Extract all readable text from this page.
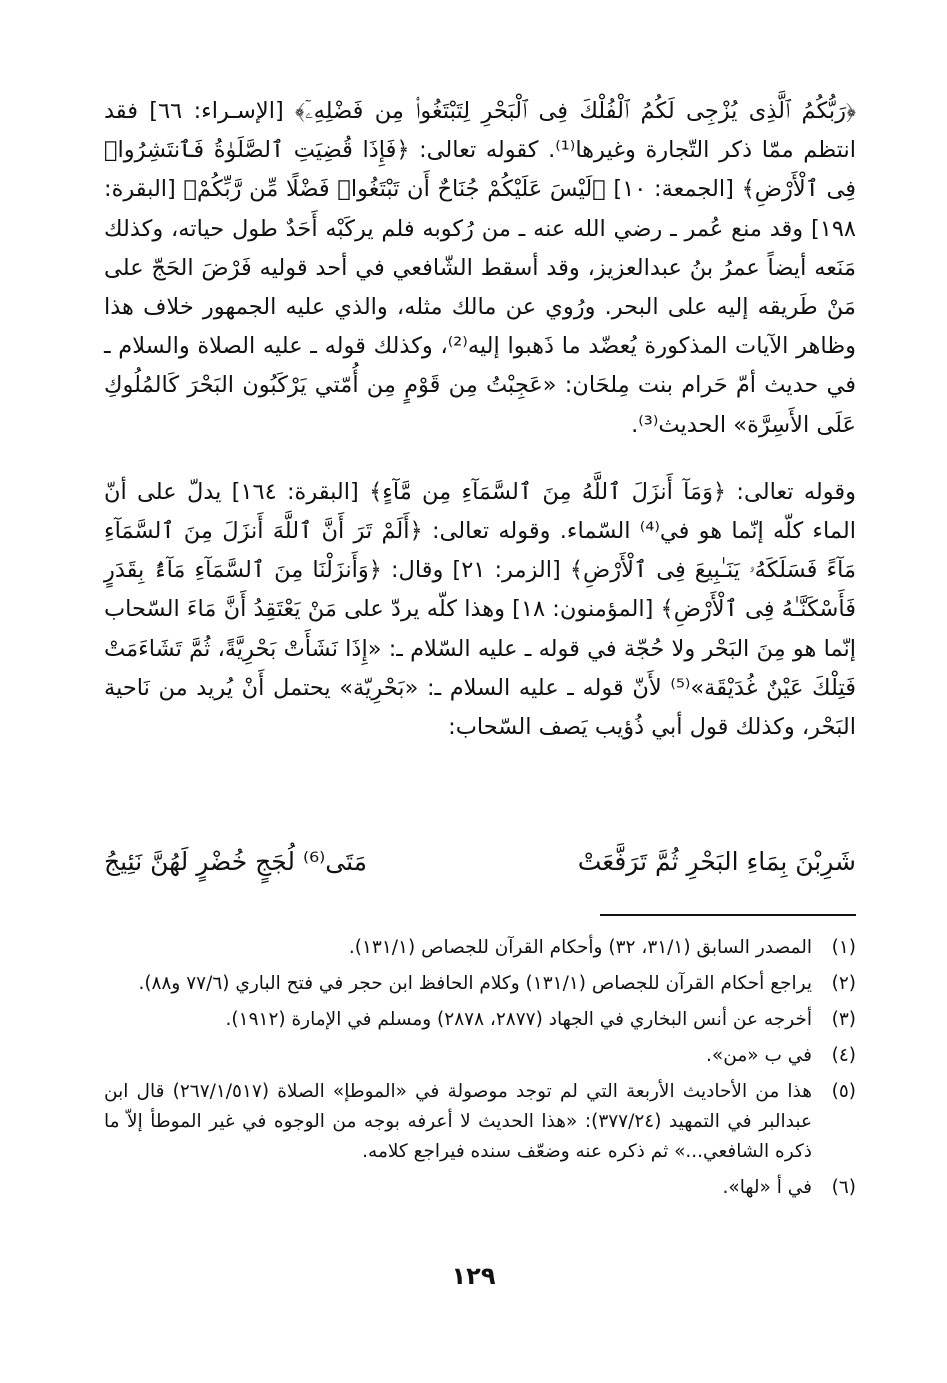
﴿رَبُّكُمُ ٱلَّذِى يُزْجِى لَكُمُ ٱلْفُلْكَ فِى ٱلْبَحْرِ لِتَبْتَغُوا۟ مِن فَضْلِهِۦٓ﴾ [الإسـراء: ٦٦] فقد انتظم ممّا ذكر التّجارة وغيرها⁽¹⁾. كقوله تعالى: ﴿فَإِذَا قُضِيَتِ ٱلصَّلَوٰةُ فَٱنتَشِرُوا۟ فِى ٱلْأَرْضِ﴾ [الجمعة: ١٠] ﴿لَيْسَ عَلَيْكُمْ جُنَاحٌ أَن تَبْتَغُوا۟ فَضْلًا مِّن رَّبِّكُمْ﴾ [البقرة: ١٩٨] وقد منع عُمر ـ رضي الله عنه ـ من رُكوبه فلم يركَبْه أَحَدٌ طول حياته، وكذلك مَنَعه أيضاً عمرُ بنُ عبدالعزيز، وقد أسقط الشّافعي في أحد قوليه فَرْضَ الحَجّ على مَنْ طَريقه إليه على البحر. ورُوي عن مالك مثله، والذي عليه الجمهور خلاف هذا وظاهر الآيات المذكورة يُعضّد ما ذَهبوا إليه⁽²⁾، وكذلك قوله ـ عليه الصلاة والسلام ـ في حديث أمّ حَرام بنت مِلحَان: «عَجِبْتُ مِن قَوْمٍ مِن أُمّتي يَرْكَبُون البَحْرَ كَالمُلُوكِ عَلَى الأَسِرَّة» الحديث⁽³⁾.

وقوله تعالى: ﴿وَمَآ أَنزَلَ ٱللَّهُ مِنَ ٱلسَّمَآءِ مِن مَّآءٍ﴾ [البقرة: ١٦٤] يدلّ على أنّ الماء كلّه إنّما هو في⁽⁴⁾ السّماء. وقوله تعالى: ﴿أَلَمْ تَرَ أَنَّ ٱللَّهَ أَنزَلَ مِنَ ٱلسَّمَآءِ مَآءً فَسَلَكَهُۥ يَنَـٰبِيعَ فِى ٱلْأَرْضِ﴾ [الزمر: ٢١] وقال: ﴿وَأَنزَلْنَا مِنَ ٱلسَّمَآءِ مَآءًۢ بِقَدَرٍ فَأَسْكَنَّـٰهُ فِى ٱلْأَرْضِ﴾ [المؤمنون: ١٨] وهذا كلّه يردّ على مَنْ يَعْتَقِدُ أَنَّ مَاءَ السّحاب إنّما هو مِنَ البَحْر ولا حُجّة في قوله ـ عليه السّلام ـ: «إِذَا نَشَأَتْ بَحْرِيَّةً، ثُمَّ تَشَاءَمَتْ فَتِلْكَ عَيْنٌ غُدَيْقَة»⁽⁵⁾ لأَنّ قوله ـ عليه السلام ـ: «بَحْرِيّة» يحتمل أَنْ يُريد من نَاحية البَحْر، وكذلك قول أبي ذُؤيب يَصف السّحاب:

شَرِبْنَ بِمَاءِ البَحْرِ ثُمَّ تَرَفَّعَتْ
مَتَى⁽⁶⁾ لُجَجٍ خُضْرٍ لَهُنَّ نَئِيجُ
(١)
المصدر السابق (٣١/١، ٣٢) وأحكام القرآن للجصاص (١٣١/١).
(٢)
يراجع أحكام القرآن للجصاص (١٣١/١) وكلام الحافظ ابن حجر في فتح الباري (٧٧/٦ و٨٨).
(٣)
أخرجه عن أنس البخاري في الجهاد (٢٨٧٧، ٢٨٧٨) ومسلم في الإمارة (١٩١٢).
(٤)
في ب «من».
(٥)
هذا من الأحاديث الأربعة التي لم توجد موصولة في «الموطإ» الصلاة (٢٦٧/١/٥١٧) قال ابن عبدالبر في التمهيد (٣٧٧/٢٤): «هذا الحديث لا أعرفه بوجه من الوجوه في غير الموطأ إلاّ ما ذكره الشافعي...» ثم ذكره عنه وضعّف سنده فيراجع كلامه.
(٦)
في أ «لها».
١٢٩
